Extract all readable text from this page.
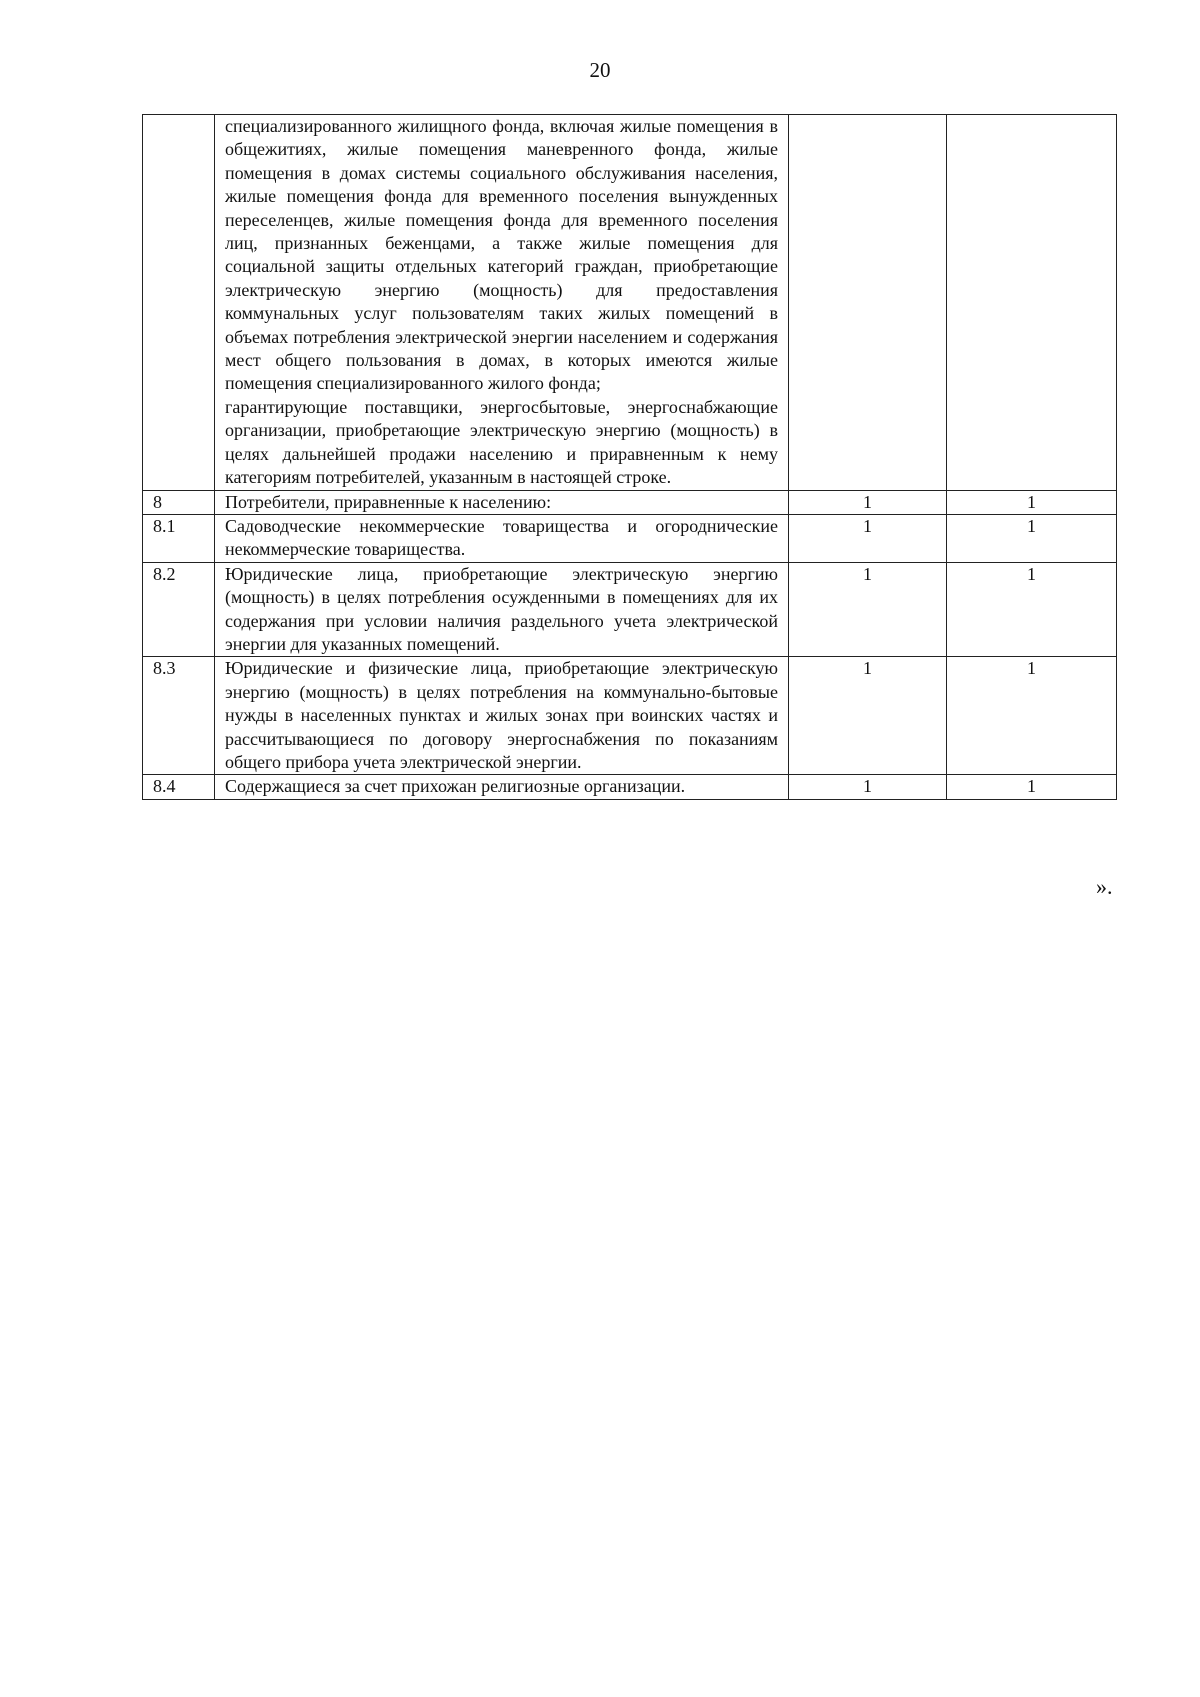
20

	специализированного жилищного фонда, включая жилые помещения в общежитиях, жилые помещения маневренного фонда, жилые помещения в домах системы социального обслуживания населения, жилые помещения фонда для временного поселения вынужденных переселенцев, жилые помещения фонда для временного поселения лиц, признанных беженцами, а также жилые помещения для социальной защиты отдельных категорий граждан, приобретающие электрическую энергию (мощность) для предоставления коммунальных услуг пользователям таких жилых помещений в объемах потребления электрической энергии населением и содержания мест общего пользования в домах, в которых имеются жилые помещения специализированного жилого фонда;
гарантирующие поставщики, энергосбытовые, энергоснабжающие организации, приобретающие электрическую энергию (мощность) в целях дальнейшей продажи населению и приравненным к нему категориям потребителей, указанным в настоящей строке.		

8	Потребители, приравненные к населению:	1	1
8.1	Садоводческие некоммерческие товарищества и огороднические некоммерческие товарищества.	1	1
8.2	Юридические лица, приобретающие электрическую энергию (мощность) в целях потребления осужденными в помещениях для их содержания при условии наличия раздельного учета электрической энергии для указанных помещений.	1	1
8.3	Юридические и физические лица, приобретающие электрическую энергию (мощность) в целях потребления на коммунально-бытовые нужды в населенных пунктах и жилых зонах при воинских частях и рассчитывающиеся по договору энергоснабжения по показаниям общего прибора учета электрической энергии.	1	1
8.4	Содержащиеся за счет прихожан религиозные организации.	1	1
».
